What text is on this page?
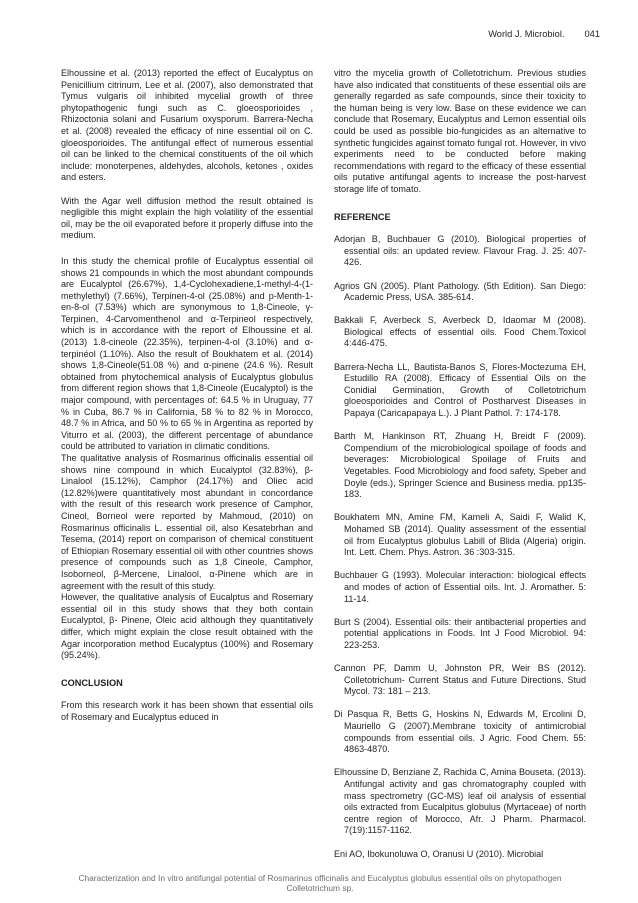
World J. Microbiol. 041

Elhoussine et al. (2013) reported the effect of Eucalyptus on Penicillium citrinum, Lee et al. (2007), also demonstrated that Tymus vulgaris oil inhibited mycelial growth of three phytopathogenic fungi such as C. gloeosporioides , Rhizoctonia solani and Fusarium oxysporum. Barrera-Necha et al. (2008) revealed the efficacy of nine essential oil on C. gloeosporioides. The antifungal effect of numerous essential oil can be linked to the chemical constituents of the oil which include: monoterpenes, aldehydes, alcohols, ketones , oxides and esters.

With the Agar well diffusion method the result obtained is negligible this might explain the high volatility of the essential oil, may be the oil evaporated before it properly diffuse into the medium.

In this study the chemical profile of Eucalyptus essential oil shows 21 compounds in which the most abundant compounds are Eucalyptol (26.67%), 1,4-Cyclohexadiene,1-methyl-4-(1-methylethyl) (7.66%), Terpinen-4-ol (25.08%) and p-Menth-1-en-8-ol (7.53%) which are synonymous to 1,8-Cineole, γ-Terpinen, 4-Carvomenthenol and α-Terpineol respectively, which is in accordance with the report of Elhoussine et al. (2013) 1.8-cineole (22.35%), terpinen-4-ol (3.10%) and α-terpinéol (1.10%). Also the result of Boukhatem et al. (2014) shows 1,8-Cineole(51.08 %) and α-pinene (24.6 %). Result obtained from phytochemical analysis of Eucalyptus globulus from different region shows that 1,8-Cineole (Eucalyptol) is the major compound, with percentages of: 64.5 % in Uruguay, 77 % in Cuba, 86.7 % in California, 58 % to 82 % in Morocco, 48.7 % in Africa, and 50 % to 65 % in Argentina as reported by Viturro et al. (2003), the different percentage of abundance could be attributed to variation in climatic conditions.

The qualitative analysis of Rosmarinus officinalis essential oil shows nine compound in which Eucalyptol (32.83%), β-Linalool (15.12%), Camphor (24.17%) and Oliec acid (12.82%)were quantitatively most abundant in concordance with the result of this research work presence of Camphor, Cineol, Borneol were reported by Mahmoud, (2010) on Rosmarinus officinalis L. essential oil, also Kesatebrhan and Tesema, (2014) report on comparison of chemical constituent of Ethiopian Rosemary essential oil with other countries shows presence of compounds such as 1,8 Cineole, Camphor, Isoborneol, β-Mercene, Linalool, α-Pinene which are in agreement with the result of this study.

However, the qualitative analysis of Eucalptus and Rosemary essential oil in this study shows that they both contain Eucalyptol, β- Pinene, Oleic acid although they quantitatively differ, which might explain the close result obtained with the Agar incorporation method Eucalyptus (100%) and Rosemary (95.24%).

CONCLUSION

From this research work it has been shown that essential oils of Rosemary and Eucalyptus educed in

vitro the mycelia growth of Colletotrichum. Previous studies have also indicated that constituents of these essential oils are generally regarded as safe compounds, since their toxicity to the human being is very low. Base on these evidence we can conclude that Rosemary, Eucalyptus and Lemon essential oils could be used as possible bio-fungicides as an alternative to synthetic fungicides against tomato fungal rot. However, in vivo experiments need to be conducted before making recommendations with regard to the efficacy of these essential oils putative antifungal agents to increase the post-harvest storage life of tomato.

REFERENCE

Adorjan B, Buchbauer G (2010). Biological properties of essential oils: an updated review. Flavour Frag. J. 25: 407-426.

Agrios GN (2005). Plant Pathology. (5th Edition). San Diego: Academic Press, USA. 385-614.

Bakkali F, Averbeck S, Averbeck D, Idaomar M (2008). Biological effects of essential oils. Food Chem.Toxicol 4:446-475.

Barrera-Necha LL, Bautista-Banos S, Flores-Moctezuma EH, Estudillo RA (2008). Efficacy of Essential Oils on the Conidial Germination, Growth of Colletotrichum gloeosporioides and Control of Postharvest Diseases in Papaya (Caricapapaya L.). J Plant Pathol. 7: 174-178.

Barth M, Hankinson RT, Zhuang H, Breidt F (2009). Compendium of the microbiological spoilage of foods and beverages: Microbiological Spoilage of Fruits and Vegetables. Food Microbiology and food safety, Speber and Doyle (eds.), Springer Science and Business media. pp135-183.

Boukhatem MN, Amine FM, Kameli A, Saidi F, Walid K, Mohamed SB (2014). Quality assessment of the essential oil from Eucalyptus globulus Labill of Blida (Algeria) origin. Int. Lett. Chem. Phys. Astron. 36 :303-315.

Buchbauer G (1993). Molecular interaction: biological effects and modes of action of Essential oils. Int. J. Aromather. 5: 11-14.

Burt S (2004). Essential oils: their antibacterial properties and potential applications in Foods. Int J Food Microbiol. 94: 223-253.

Cannon PF, Damm U, Johnston PR, Weir BS (2012). Colletotrichum- Current Status and Future Directions. Stud Mycol. 73: 181 – 213.

Di Pasqua R, Betts G, Hoskins N, Edwards M, Ercolini D, Mauriello G (2007).Membrane toxicity of antimicrobial compounds from essential oils. J Agric. Food Chem. 55: 4863-4870.

Elhoussine D, Benziane Z, Rachida C, Amina Bouseta. (2013). Antifungal activity and gas chromatography coupled with mass spectrometry (GC-MS) leaf oil analysis of essential oils extracted from Eucalpitus globulus (Myrtaceae) of north centre region of Morocco, Afr. J Pharm. Pharmacol. 7(19):1157-1162.

Eni AO, Ibokunoluwa O, Oranusi U (2010). Microbial

Characterization and In vitro antifungal potential of Rosmarinus officinalis and Eucalyptus globulus essential oils on phytopathogen
Colletotrichum sp.
